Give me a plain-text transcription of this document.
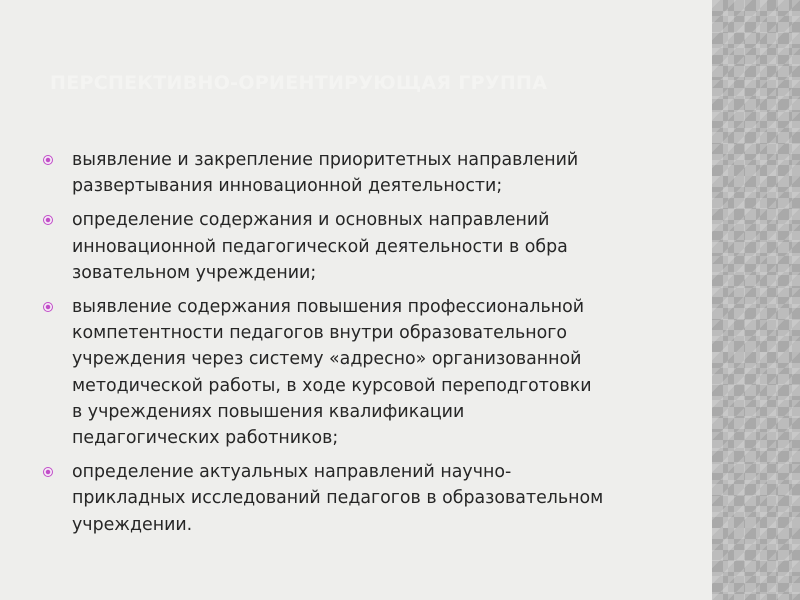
ПЕРСПЕКТИВНО-ОРИЕНТИРУЮЩАЯ ГРУППА
выявление и закрепление приоритетных направлений
развертывания инновационной деятельности;
определение содержания и основных направлений
инновационной педагогической деятельности в обра
зовательном учреждении;
выявление содержания повышения профессиональной
компетентности педагогов внутри образовательного
учреждения через систему «адресно» организованной
методической работы, в ходе курсовой переподготовки
в учреждениях повышения квалификации
педагогических работников;
определение актуальных направлений научно-
прикладных исследований педагогов в образовательном
учреждении.
